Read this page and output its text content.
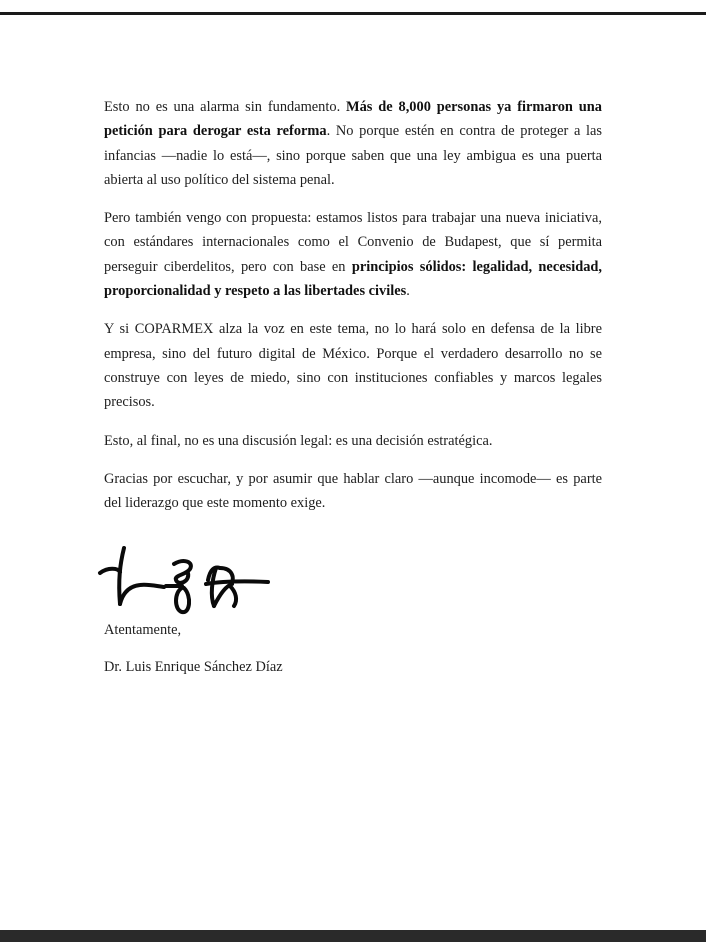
Esto no es una alarma sin fundamento. Más de 8,000 personas ya firmaron una petición para derogar esta reforma. No porque estén en contra de proteger a las infancias —nadie lo está—, sino porque saben que una ley ambigua es una puerta abierta al uso político del sistema penal.

Pero también vengo con propuesta: estamos listos para trabajar una nueva iniciativa, con estándares internacionales como el Convenio de Budapest, que sí permita perseguir ciberdelitos, pero con base en principios sólidos: legalidad, necesidad, proporcionalidad y respeto a las libertades civiles.

Y si COPARMEX alza la voz en este tema, no lo hará solo en defensa de la libre empresa, sino del futuro digital de México. Porque el verdadero desarrollo no se construye con leyes de miedo, sino con instituciones confiables y marcos legales precisos.

Esto, al final, no es una discusión legal: es una decisión estratégica.

Gracias por escuchar, y por asumir que hablar claro —aunque incomode— es parte del liderazgo que este momento exige.

Atentamente,

Dr. Luis Enrique Sánchez Díaz
